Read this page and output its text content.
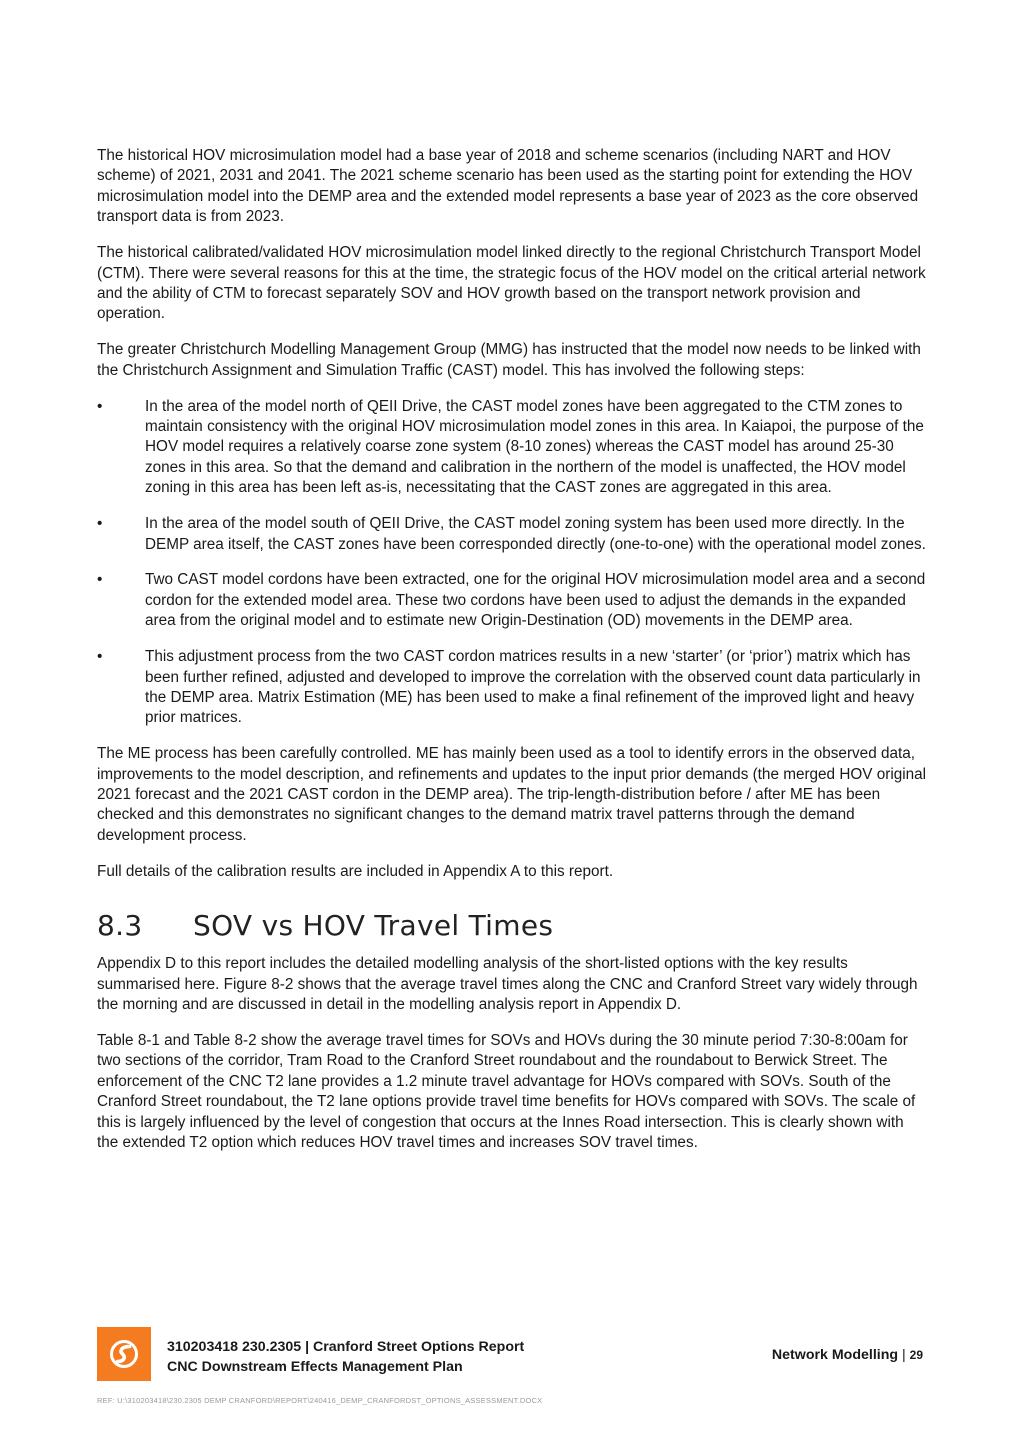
The historical HOV microsimulation model had a base year of 2018 and scheme scenarios (including NART and HOV scheme) of 2021, 2031 and 2041. The 2021 scheme scenario has been used as the starting point for extending the HOV microsimulation model into the DEMP area and the extended model represents a base year of 2023 as the core observed transport data is from 2023.

The historical calibrated/validated HOV microsimulation model linked directly to the regional Christchurch Transport Model (CTM). There were several reasons for this at the time, the strategic focus of the HOV model on the critical arterial network and the ability of CTM to forecast separately SOV and HOV growth based on the transport network provision and operation.

The greater Christchurch Modelling Management Group (MMG) has instructed that the model now needs to be linked with the Christchurch Assignment and Simulation Traffic (CAST) model. This has involved the following steps:

•	In the area of the model north of QEII Drive, the CAST model zones have been aggregated to the CTM zones to maintain consistency with the original HOV microsimulation model zones in this area. In Kaiapoi, the purpose of the HOV model requires a relatively coarse zone system (8-10 zones) whereas the CAST model has around 25-30 zones in this area. So that the demand and calibration in the northern of the model is unaffected, the HOV model zoning in this area has been left as-is, necessitating that the CAST zones are aggregated in this area.
•	In the area of the model south of QEII Drive, the CAST model zoning system has been used more directly. In the DEMP area itself, the CAST zones have been corresponded directly (one-to-one) with the operational model zones.
•	Two CAST model cordons have been extracted, one for the original HOV microsimulation model area and a second cordon for the extended model area. These two cordons have been used to adjust the demands in the expanded area from the original model and to estimate new Origin-Destination (OD) movements in the DEMP area.
•	This adjustment process from the two CAST cordon matrices results in a new ‘starter’ (or ‘prior’) matrix which has been further refined, adjusted and developed to improve the correlation with the observed count data particularly in the DEMP area. Matrix Estimation (ME) has been used to make a final refinement of the improved light and heavy prior matrices.

The ME process has been carefully controlled. ME has mainly been used as a tool to identify errors in the observed data, improvements to the model description, and refinements and updates to the input prior demands (the merged HOV original 2021 forecast and the 2021 CAST cordon in the DEMP area). The trip-length-distribution before / after ME has been checked and this demonstrates no significant changes to the demand matrix travel patterns through the demand development process.

Full details of the calibration results are included in Appendix A to this report.

8.3 SOV vs HOV Travel Times

Appendix D to this report includes the detailed modelling analysis of the short-listed options with the key results summarised here. Figure 8-2 shows that the average travel times along the CNC and Cranford Street vary widely through the morning and are discussed in detail in the modelling analysis report in Appendix D.

Table 8-1 and Table 8-2 show the average travel times for SOVs and HOVs during the 30 minute period 7:30-8:00am for two sections of the corridor, Tram Road to the Cranford Street roundabout and the roundabout to Berwick Street. The enforcement of the CNC T2 lane provides a 1.2 minute travel advantage for HOVs compared with SOVs. South of the Cranford Street roundabout, the T2 lane options provide travel time benefits for HOVs compared with SOVs. The scale of this is largely influenced by the level of congestion that occurs at the Innes Road intersection. This is clearly shown with the extended T2 option which reduces HOV travel times and increases SOV travel times.

310203418 230.2305 | Cranford Street Options Report
CNC Downstream Effects Management Plan
Network Modelling | 29
REF: U:\310203418\230.2305 DEMP CRANFORD\REPORT\240416_DEMP_CRANFORDST_OPTIONS_ASSESSMENT.DOCX
